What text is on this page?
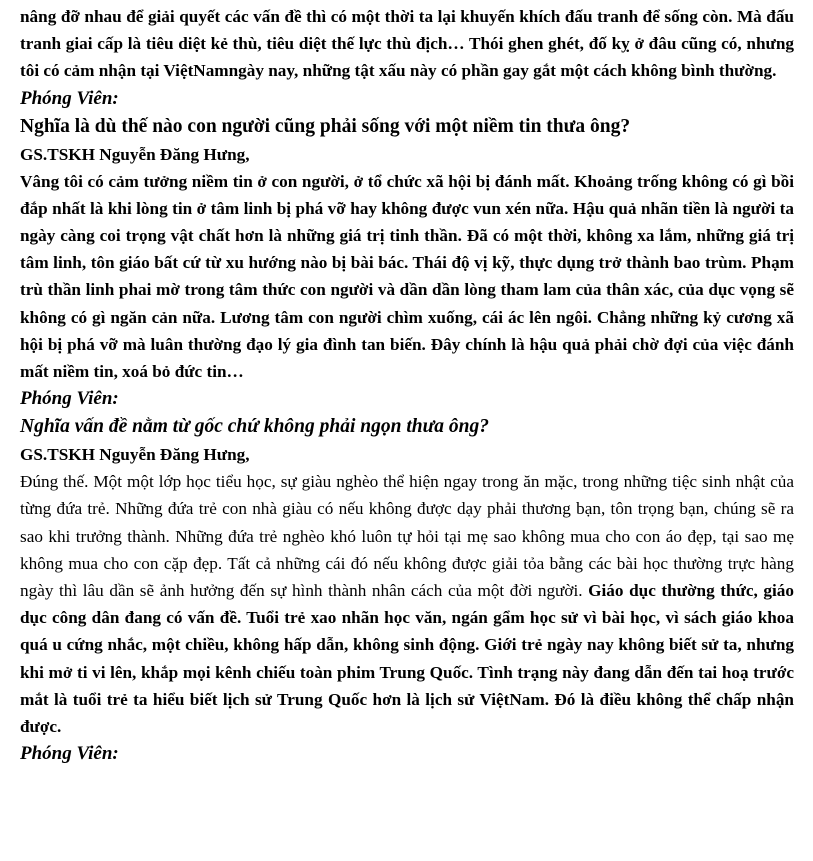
nâng đỡ nhau để giải quyết các vấn đề thì có một thời ta lại khuyến khích đấu tranh để sống còn. Mà đấu tranh giai cấp là tiêu diệt kẻ thù, tiêu diệt thế lực thù địch… Thói ghen ghét, đố kỵ ở đâu cũng có, nhưng tôi có cảm nhận tại ViệtNamngày nay, những tật xấu này có phần gay gắt một cách không bình thường.

Phóng Viên:

Nghĩa là dù thế nào con người cũng phải sống với một niềm tin thưa ông?

GS.TSKH Nguyễn Đăng Hưng,

Vâng tôi có cảm tưởng niềm tin ở con người, ở tổ chức xã hội bị đánh mất. Khoảng trống không có gì bồi đắp nhất là khi lòng tin ở tâm linh bị phá vỡ hay không được vun xén nữa. Hậu quả nhãn tiền là người ta ngày càng coi trọng vật chất hơn là những giá trị tinh thần. Đã có một thời, không xa lắm, những giá trị tâm linh, tôn giáo bất cứ từ xu hướng nào bị bài bác. Thái độ vị kỹ, thực dụng trở thành bao trùm. Phạm trù thần linh phai mờ trong tâm thức con người và dần dần lòng tham lam của thân xác, của dục vọng sẽ không có gì ngăn cản nữa. Lương tâm con người chìm xuống, cái ác lên ngôi. Chẳng những kỷ cương xã hội bị phá vỡ mà luân thường đạo lý gia đình tan biến. Đây chính là hậu quả phải chờ đợi của việc đánh mất niềm tin, xoá bỏ đức tin…

Phóng Viên:

Nghĩa vấn đề nằm từ gốc chứ không phải ngọn thưa ông?

GS.TSKH Nguyễn Đăng Hưng,

Đúng thế. Một một lớp học tiểu học, sự giàu nghèo thể hiện ngay trong ăn mặc, trong những tiệc sinh nhật của từng đứa trẻ. Những đứa trẻ con nhà giàu có nếu không được dạy phải thương bạn, tôn trọng bạn, chúng sẽ ra sao khi trưởng thành. Những đứa trẻ nghèo khó luôn tự hỏi tại mẹ sao không mua cho con áo đẹp, tại sao mẹ không mua cho con cặp đẹp. Tất cả những cái đó nếu không được giải tỏa bằng các bài học thường trực hàng ngày thì lâu dần sẽ ảnh hưởng đến sự hình thành nhân cách của một đời người. Giáo dục thường thức, giáo dục công dân đang có vấn đề. Tuổi trẻ xao nhãn học văn, ngán gẩm học sử vì bài học, vì sách giáo khoa quá u cứng nhắc, một chiều, không hấp dẫn, không sinh động. Giới trẻ ngày nay không biết sử ta, nhưng khi mở ti vi lên, khắp mọi kênh chiếu toàn phim Trung Quốc. Tình trạng này đang dẫn đến tai hoạ trước mắt là tuổi trẻ ta hiểu biết lịch sử Trung Quốc hơn là lịch sử ViệtNam. Đó là điều không thể chấp nhận được.

Phóng Viên:
